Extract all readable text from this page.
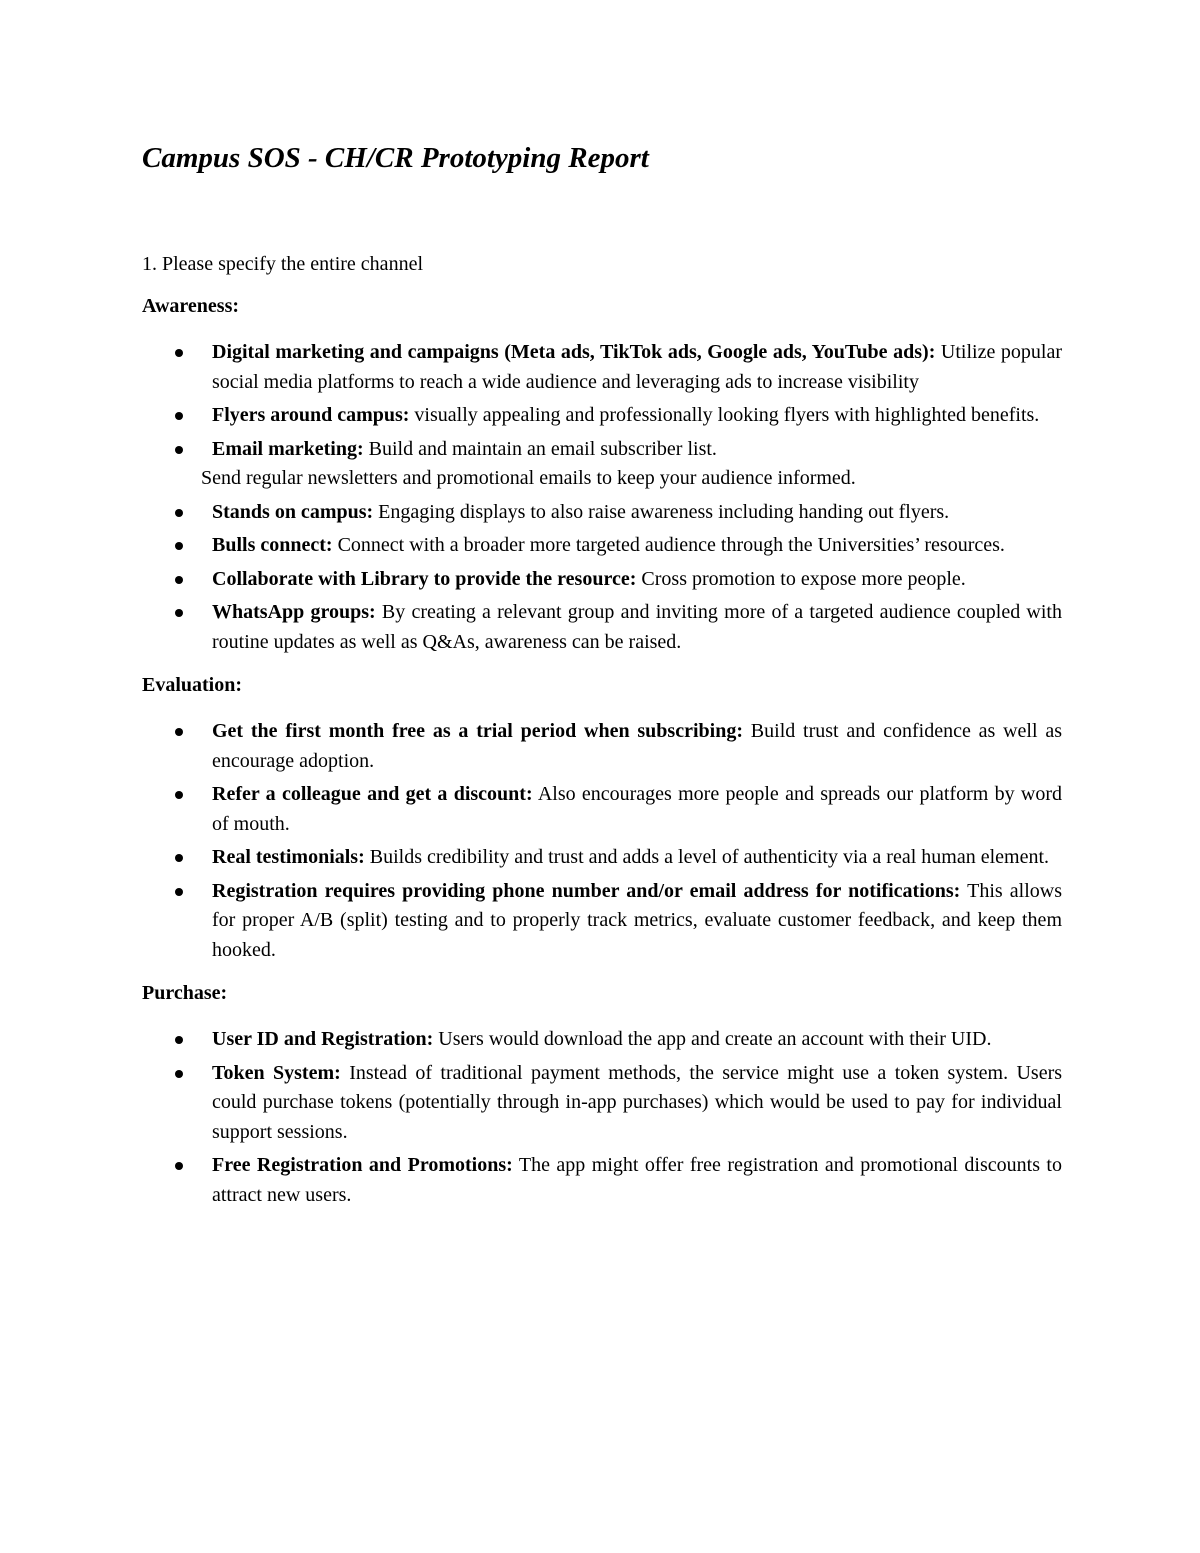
Campus SOS - CH/CR Prototyping Report

1. Please specify the entire channel

Awareness:

Digital marketing and campaigns (Meta ads, TikTok ads, Google ads, YouTube ads): Utilize popular social media platforms to reach a wide audience and leveraging ads to increase visibility
Flyers around campus: visually appealing and professionally looking flyers with highlighted benefits.
Email marketing: Build and maintain an email subscriber list.
Send regular newsletters and promotional emails to keep your audience informed.
Stands on campus: Engaging displays to also raise awareness including handing out flyers.
Bulls connect: Connect with a broader more targeted audience through the Universities’ resources.
Collaborate with Library to provide the resource: Cross promotion to expose more people.
WhatsApp groups: By creating a relevant group and inviting more of a targeted audience coupled with routine updates as well as Q&As, awareness can be raised.

Evaluation:

Get the first month free as a trial period when subscribing: Build trust and confidence as well as encourage adoption.
Refer a colleague and get a discount: Also encourages more people and spreads our platform by word of mouth.
Real testimonials: Builds credibility and trust and adds a level of authenticity via a real human element.
Registration requires providing phone number and/or email address for notifications: This allows for proper A/B (split) testing and to properly track metrics, evaluate customer feedback, and keep them hooked.

Purchase:

User ID and Registration: Users would download the app and create an account with their UID.
Token System: Instead of traditional payment methods, the service might use a token system. Users could purchase tokens (potentially through in-app purchases) which would be used to pay for individual support sessions.
Free Registration and Promotions: The app might offer free registration and promotional discounts to attract new users.
